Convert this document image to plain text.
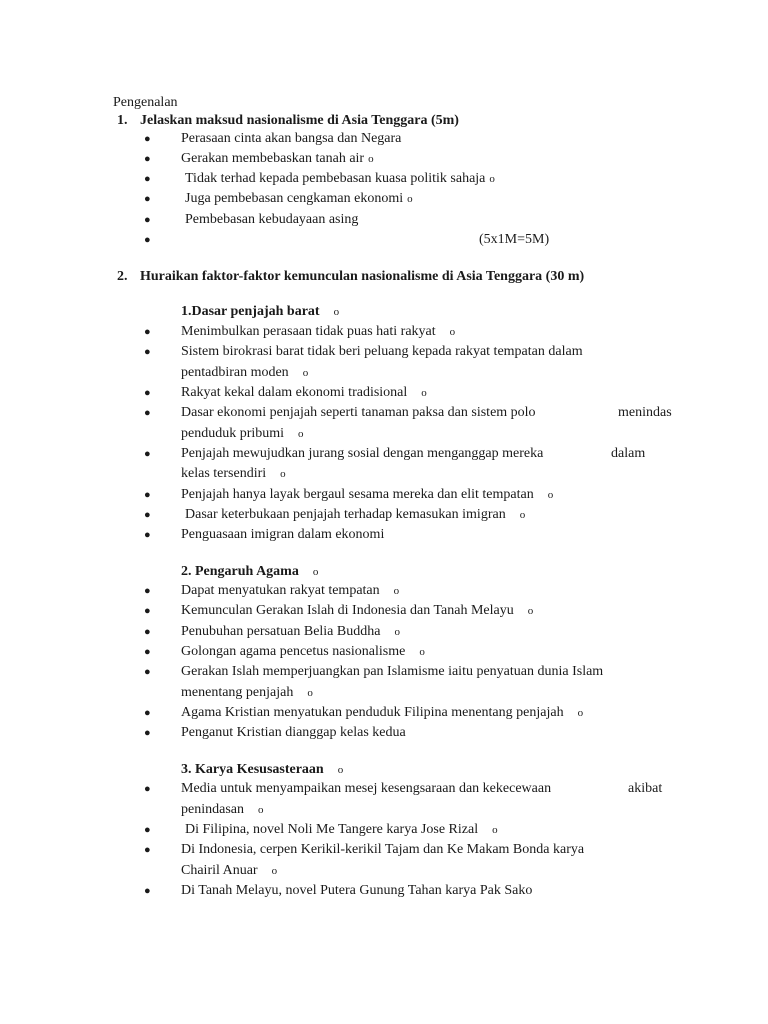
Pengenalan
1. Jelaskan maksud nasionalisme di Asia Tenggara (5m)
● Perasaan cinta akan bangsa dan Negara
● Gerakan membebaskan tanah air o
● Tidak terhad kepada pembebasan kuasa politik sahaja o
● Juga pembebasan cengkaman ekonomi o
● Pembebasan kebudayaan asing
●	(5x1M=5M)
2. Huraikan faktor-faktor kemunculan nasionalisme di Asia Tenggara (30 m)
1.Dasar penjajah barat o
● Menimbulkan perasaan tidak puas hati rakyat o
● Sistem birokrasi barat tidak beri peluang kepada rakyat tempatan dalam
pentadbiran moden o
● Rakyat kekal dalam ekonomi tradisional o
● Dasar ekonomi penjajah seperti tanaman paksa dan sistem polo	menindas
penduduk pribumi o
● Penjajah mewujudkan jurang sosial dengan menganggap mereka	dalam
kelas tersendiri o
● Penjajah hanya layak bergaul sesama mereka dan elit tempatan o
● Dasar keterbukaan penjajah terhadap kemasukan imigran o
● Penguasaan imigran dalam ekonomi
2. Pengaruh Agama o
● Dapat menyatukan rakyat tempatan o
● Kemunculan Gerakan Islah di Indonesia dan Tanah Melayu o
● Penubuhan persatuan Belia Buddha o
● Golongan agama pencetus nasionalisme o
● Gerakan Islah memperjuangkan pan Islamisme iaitu penyatuan dunia Islam
menentang penjajah o
● Agama Kristian menyatukan penduduk Filipina menentang penjajah o
● Penganut Kristian dianggap kelas kedua
3. Karya Kesusasteraan o
● Media untuk menyampaikan mesej kesengsaraan dan kekecewaan	akibat
penindasan o
● Di Filipina, novel Noli Me Tangere karya Jose Rizal o
● Di Indonesia, cerpen Kerikil-kerikil Tajam dan Ke Makam Bonda karya
Chairil Anuar o
● Di Tanah Melayu, novel Putera Gunung Tahan karya Pak Sako
